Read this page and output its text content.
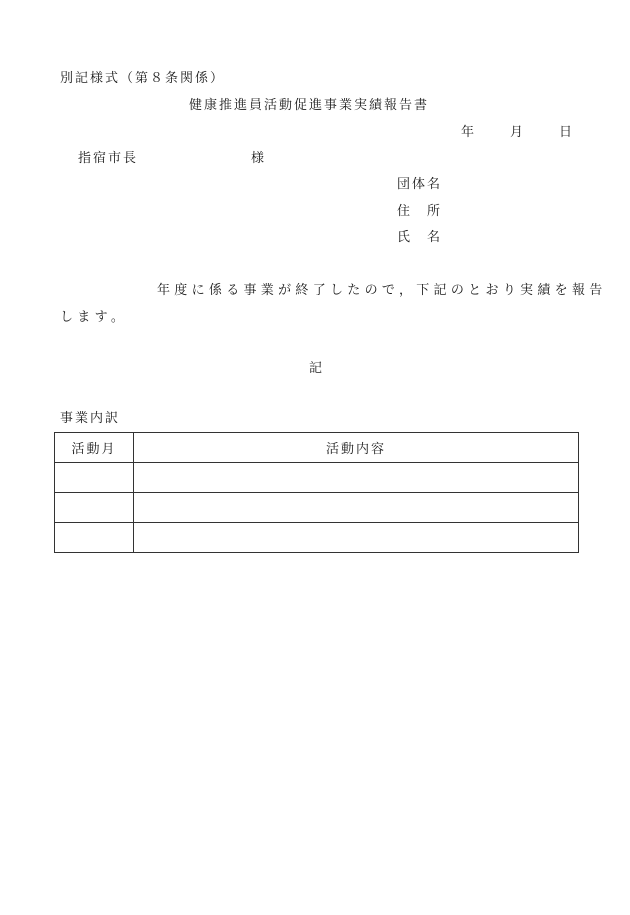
別記様式（第８条関係）
健康推進員活動促進事業実績報告書
年	月	日
指宿市長	様
団体名
住　所
氏　名
年度に係る事業が終了したので，下記のとおり実績を報告
します。
記
事業内訳
活動月	活動内容
